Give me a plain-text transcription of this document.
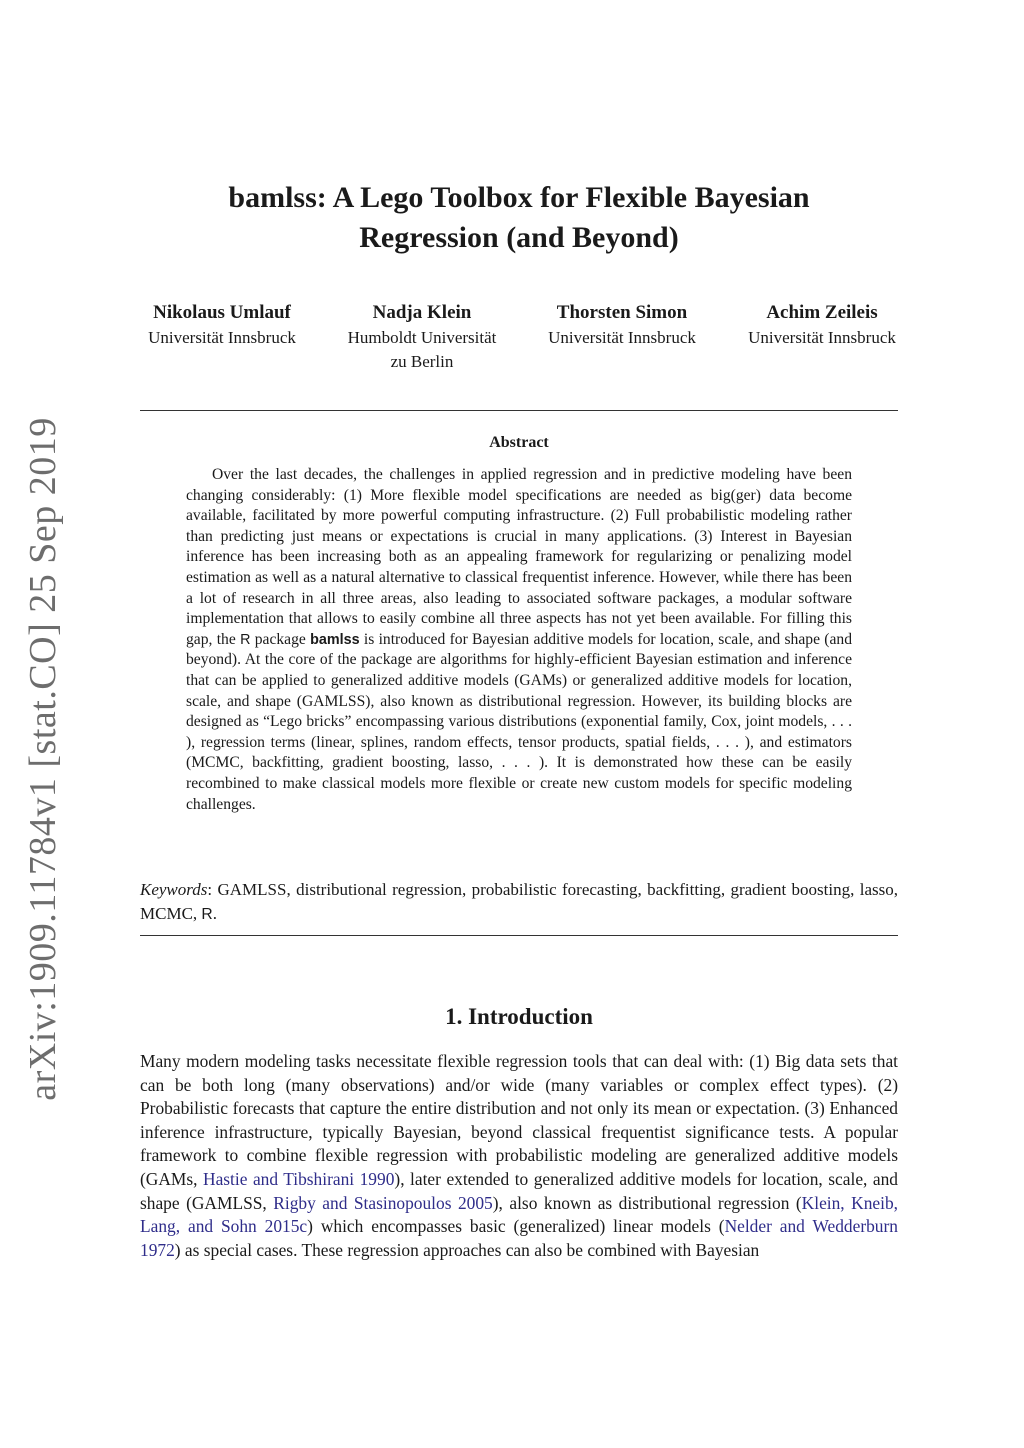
arXiv:1909.11784v1 [stat.CO] 25 Sep 2019
bamlss: A Lego Toolbox for Flexible Bayesian
Regression (and Beyond)
Nikolaus Umlauf
Universität Innsbruck
Nadja Klein
Humboldt Universität
zu Berlin
Thorsten Simon
Universität Innsbruck
Achim Zeileis
Universität Innsbruck
Abstract

Over the last decades, the challenges in applied regression and in predictive modeling have been changing considerably: (1) More flexible model specifications are needed as big(ger) data become available, facilitated by more powerful computing infrastructure. (2) Full probabilistic modeling rather than predicting just means or expectations is crucial in many applications. (3) Interest in Bayesian inference has been increasing both as an appealing framework for regularizing or penalizing model estimation as well as a natural alternative to classical frequentist inference. However, while there has been a lot of research in all three areas, also leading to associated software packages, a modular software implementation that allows to easily combine all three aspects has not yet been available. For filling this gap, the R package bamlss is introduced for Bayesian additive models for location, scale, and shape (and beyond). At the core of the package are algorithms for highly-efficient Bayesian estimation and inference that can be applied to generalized additive models (GAMs) or generalized additive models for location, scale, and shape (GAMLSS), also known as distributional regression. However, its building blocks are designed as “Lego bricks” encompassing various distributions (exponential family, Cox, joint models, . . . ), regression terms (linear, splines, random effects, tensor products, spatial fields, . . . ), and estimators (MCMC, backfitting, gradient boosting, lasso, . . . ). It is demonstrated how these can be easily recombined to make classical models more flexible or create new custom models for specific modeling challenges.

Keywords: GAMLSS, distributional regression, probabilistic forecasting, backfitting, gradient boosting, lasso, MCMC, R.

1. Introduction

Many modern modeling tasks necessitate flexible regression tools that can deal with: (1) Big data sets that can be both long (many observations) and/or wide (many variables or complex effect types). (2) Probabilistic forecasts that capture the entire distribution and not only its mean or expectation. (3) Enhanced inference infrastructure, typically Bayesian, beyond classical frequentist significance tests. A popular framework to combine flexible regression with probabilistic modeling are generalized additive models (GAMs, Hastie and Tibshirani 1990), later extended to generalized additive models for location, scale, and shape (GAMLSS, Rigby and Stasinopoulos 2005), also known as distributional regression (Klein, Kneib, Lang, and Sohn 2015c) which encompasses basic (generalized) linear models (Nelder and Wedderburn 1972) as special cases. These regression approaches can also be combined with Bayesian
